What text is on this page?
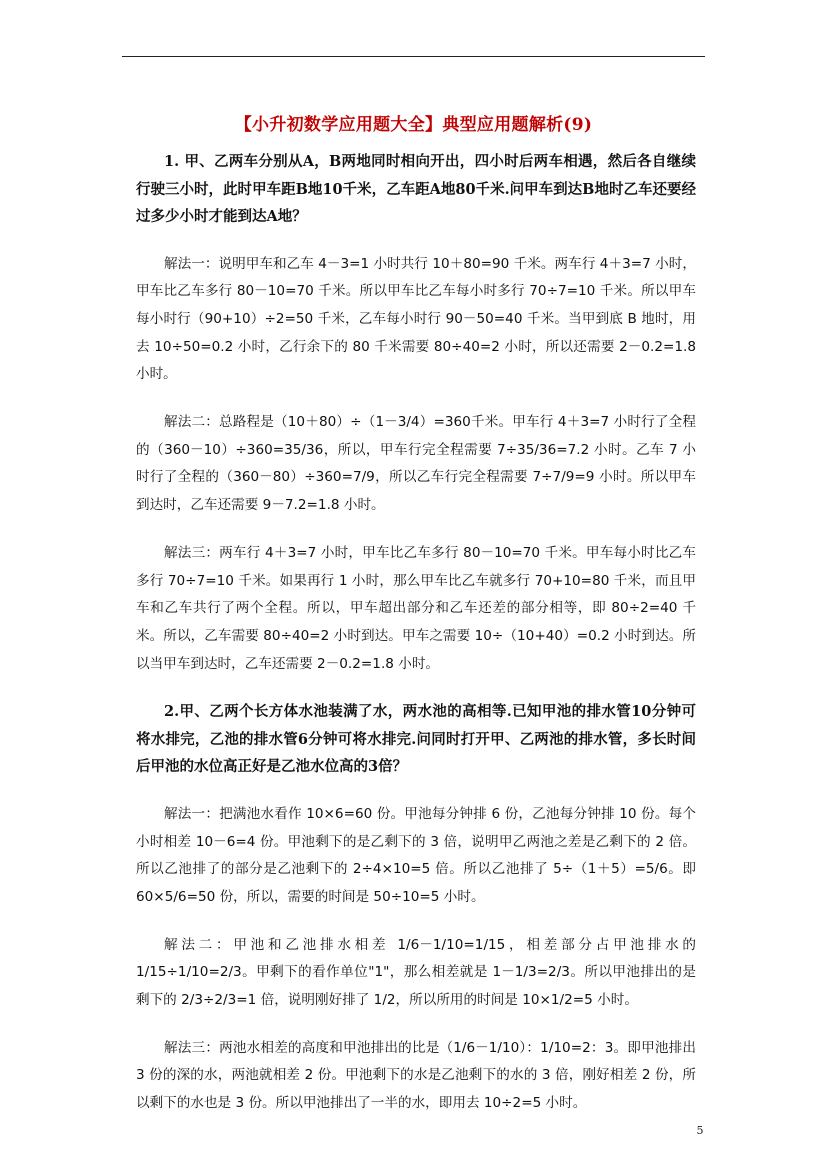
【小升初数学应用题大全】典型应用题解析(9)

1. 甲、乙两车分别从A，B两地同时相向开出，四小时后两车相遇，然后各自继续行驶三小时，此时甲车距B地10千米，乙车距A地80千米.问甲车到达B地时乙车还要经过多少小时才能到达A地？

解法一：说明甲车和乙车 4－3=1 小时共行 10＋80=90 千米。两车行 4＋3=7 小时，甲车比乙车多行 80－10=70 千米。所以甲车比乙车每小时多行 70÷7=10 千米。所以甲车每小时行（90+10）÷2=50 千米，乙车每小时行 90－50=40 千米。当甲到底 B 地时，用去 10÷50=0.2 小时，乙行余下的 80 千米需要 80÷40=2 小时，所以还需要 2－0.2=1.8 小时。

解法二：总路程是（10＋80）÷（1－3/4）=360千米。甲车行 4＋3=7 小时行了全程的（360－10）÷360=35/36，所以，甲车行完全程需要 7÷35/36=7.2 小时。乙车 7 小时行了全程的（360－80）÷360=7/9，所以乙车行完全程需要 7÷7/9=9 小时。所以甲车到达时，乙车还需要 9－7.2=1.8 小时。

解法三：两车行 4＋3=7 小时，甲车比乙车多行 80－10=70 千米。甲车每小时比乙车多行 70÷7=10 千米。如果再行 1 小时，那么甲车比乙车就多行 70+10=80 千米，而且甲车和乙车共行了两个全程。所以，甲车超出部分和乙车还差的部分相等，即 80÷2=40 千米。所以，乙车需要 80÷40=2 小时到达。甲车之需要 10÷（10+40）=0.2 小时到达。所以当甲车到达时，乙车还需要 2－0.2=1.8 小时。

2.甲、乙两个长方体水池装满了水，两水池的高相等.已知甲池的排水管10分钟可将水排完，乙池的排水管6分钟可将水排完.问同时打开甲、乙两池的排水管，多长时间后甲池的水位高正好是乙池水位高的3倍？

解法一：把满池水看作 10×6=60 份。甲池每分钟排 6 份，乙池每分钟排 10 份。每个小时相差 10－6=4 份。甲池剩下的是乙剩下的 3 倍，说明甲乙两池之差是乙剩下的 2 倍。所以乙池排了的部分是乙池剩下的 2÷4×10=5 倍。所以乙池排了 5÷（1＋5）=5/6。即 60×5/6=50 份，所以，需要的时间是 50÷10=5 小时。

解法二：甲池和乙池排水相差 1/6－1/10=1/15，相差部分占甲池排水的 1/15÷1/10=2/3。甲剩下的看作单位"1"，那么相差就是 1－1/3=2/3。所以甲池排出的是剩下的 2/3÷2/3=1 倍，说明刚好排了 1/2，所以所用的时间是 10×1/2=5 小时。

解法三：两池水相差的高度和甲池排出的比是（1/6－1/10）：1/10=2：3。即甲池排出 3 份的深的水，两池就相差 2 份。甲池剩下的水是乙池剩下的水的 3 倍，刚好相差 2 份，所以剩下的水也是 3 份。所以甲池排出了一半的水，即用去 10÷2=5 小时。

5
